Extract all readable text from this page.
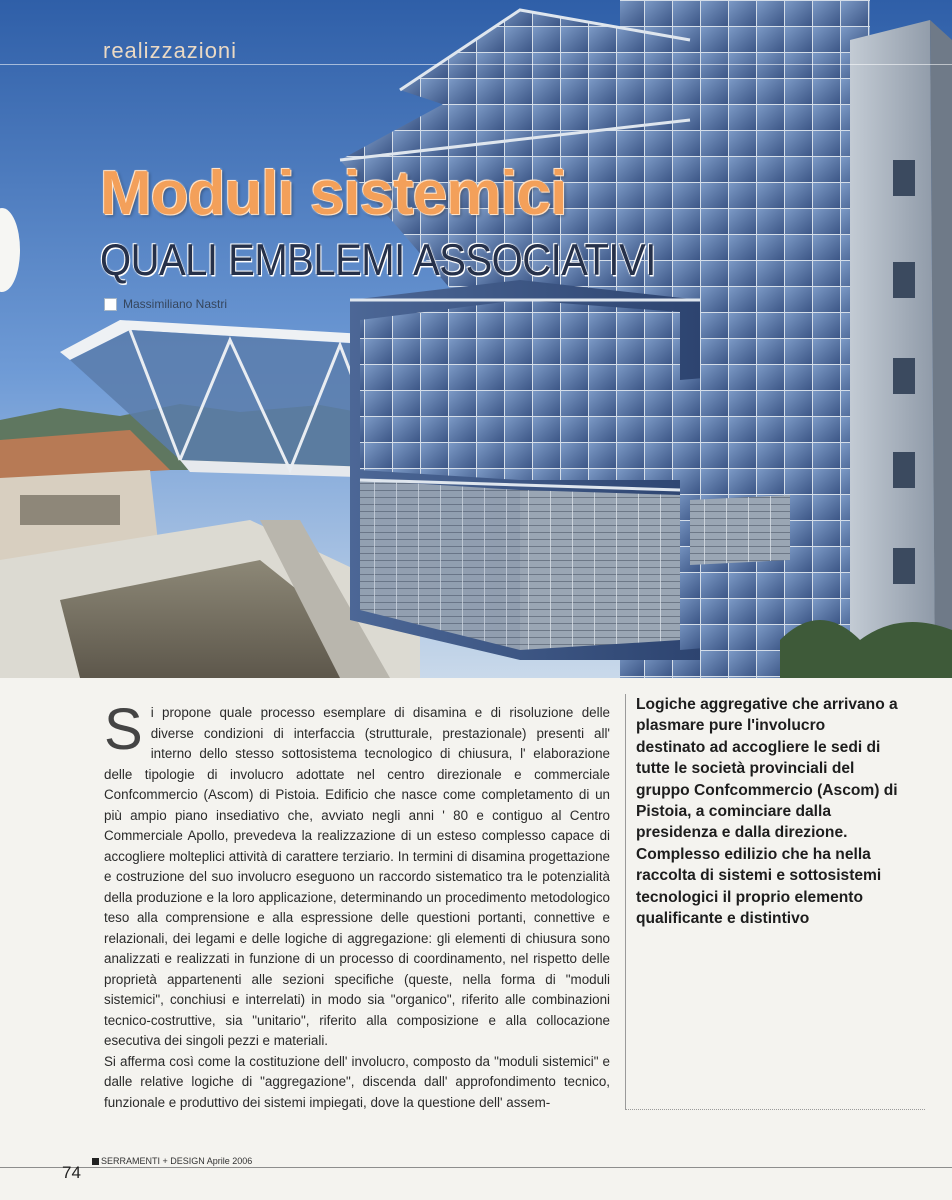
realizzazioni
Moduli sistemici
QUALI EMBLEMI ASSOCIATIVI
Massimiliano Nastri

Si propone quale processo esemplare di disamina e di risoluzione delle diverse condizioni di interfaccia (strutturale, prestazionale) presenti all' interno dello stesso sottosistema tecnologico di chiusura, l' elaborazione delle tipologie di involucro adottate nel centro direzionale e commerciale Confcommercio (Ascom) di Pistoia. Edificio che nasce come completamento di un più ampio piano insediativo che, avviato negli anni ' 80 e contiguo al Centro Commerciale Apollo, prevedeva la realizzazione di un esteso complesso capace di accogliere molteplici attività di carattere terziario. In termini di disamina progettazione e costruzione del suo involucro eseguono un raccordo sistematico tra le potenzialità della produzione e la loro applicazione, determinando un procedimento metodologico teso alla comprensione e alla espressione delle questioni portanti, connettive e relazionali, dei legami e delle logiche di aggregazione: gli elementi di chiusura sono analizzati e realizzati in funzione di un processo di coordinamento, nel rispetto delle proprietà appartenenti alle sezioni specifiche (queste, nella forma di "moduli sistemici", conchiusi e interrelati) in modo sia "organico", riferito alle combinazioni tecnico-costruttive, sia "unitario", riferito alla composizione e alla collocazione esecutiva dei singoli pezzi e materiali.

Si afferma così come la costituzione dell' involucro, composto da "moduli sistemici" e dalle relative logiche di "aggregazione", discenda dall' approfondimento tecnico, funzionale e produttivo dei sistemi impiegati, dove la questione dell' assem-

Logiche aggregative che arrivano a plasmare pure l'involucro destinato ad accogliere le sedi di tutte le società provinciali del gruppo Confcommercio (Ascom) di Pistoia, a cominciare dalla presidenza e dalla direzione. Complesso edilizio che ha nella raccolta di sistemi e sottosistemi tecnologici il proprio elemento qualificante e distintivo
SERRAMENTI + DESIGN Aprile 2006
74
